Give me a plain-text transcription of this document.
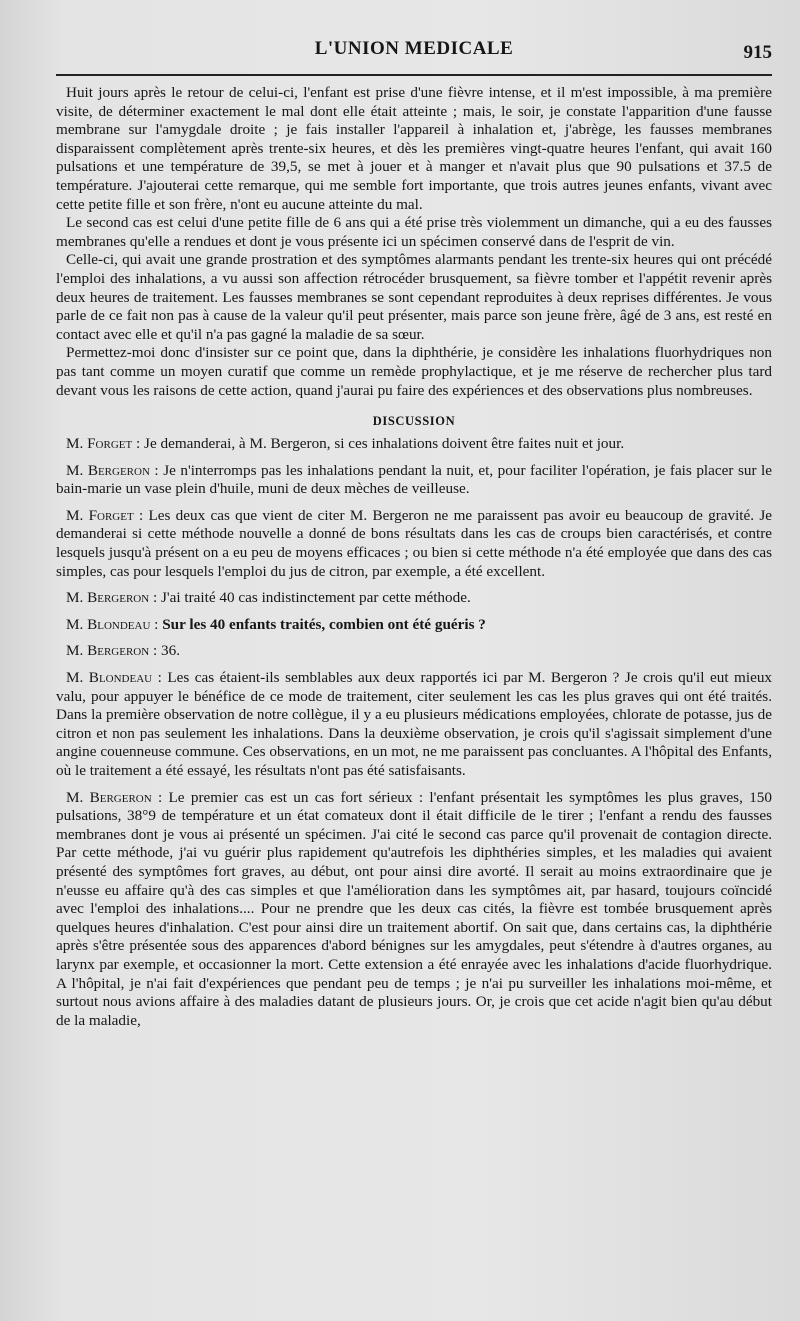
L'UNION MEDICALE	915

Huit jours après le retour de celui-ci, l'enfant est prise d'une fièvre intense, et il m'est impossible, à ma première visite, de déterminer exactement le mal dont elle était atteinte ; mais, le soir, je constate l'apparition d'une fausse membrane sur l'amygdale droite ; je fais installer l'appareil à inhalation et, j'abrège, les fausses membranes disparaissent complètement après trente-six heures, et dès les premières vingt-quatre heures l'enfant, qui avait 160 pulsations et une température de 39,5, se met à jouer et à manger et n'avait plus que 90 pulsations et 37.5 de température. J'ajouterai cette remarque, qui me semble fort importante, que trois autres jeunes enfants, vivant avec cette petite fille et son frère, n'ont eu aucune atteinte du mal.

Le second cas est celui d'une petite fille de 6 ans qui a été prise très violemment un dimanche, qui a eu des fausses membranes qu'elle a rendues et dont je vous présente ici un spécimen conservé dans de l'esprit de vin.

Celle-ci, qui avait une grande prostration et des symptômes alarmants pendant les trente-six heures qui ont précédé l'emploi des inhalations, a vu aussi son affection rétrocéder brusquement, sa fièvre tomber et l'appétit revenir après deux heures de traitement. Les fausses membranes se sont cependant reproduites à deux reprises différentes. Je vous parle de ce fait non pas à cause de la valeur qu'il peut présenter, mais parce son jeune frère, âgé de 3 ans, est resté en contact avec elle et qu'il n'a pas gagné la maladie de sa sœur.

Permettez-moi donc d'insister sur ce point que, dans la diphthérie, je considère les inhalations fluorhydriques non pas tant comme un moyen curatif que comme un remède prophylactique, et je me réserve de rechercher plus tard devant vous les raisons de cette action, quand j'aurai pu faire des expériences et des observations plus nombreuses.

DISCUSSION

M. Forget : Je demanderai, à M. Bergeron, si ces inhalations doivent être faites nuit et jour.

M. Bergeron : Je n'interromps pas les inhalations pendant la nuit, et, pour faciliter l'opération, je fais placer sur le bain-marie un vase plein d'huile, muni de deux mèches de veilleuse.

M. Forget : Les deux cas que vient de citer M. Bergeron ne me paraissent pas avoir eu beaucoup de gravité. Je demanderai si cette méthode nouvelle a donné de bons résultats dans les cas de croups bien caractérisés, et contre lesquels jusqu'à présent on a eu peu de moyens efficaces ; ou bien si cette méthode n'a été employée que dans des cas simples, cas pour lesquels l'emploi du jus de citron, par exemple, a été excellent.

M. Bergeron : J'ai traité 40 cas indistinctement par cette méthode.

M. Blondeau : Sur les 40 enfants traités, combien ont été guéris ?

M. Bergeron : 36.

M. Blondeau : Les cas étaient-ils semblables aux deux rapportés ici par M. Bergeron ? Je crois qu'il eut mieux valu, pour appuyer le bénéfice de ce mode de traitement, citer seulement les cas les plus graves qui ont été traités. Dans la première observation de notre collègue, il y a eu plusieurs médications employées, chlorate de potasse, jus de citron et non pas seulement les inhalations. Dans la deuxième observation, je crois qu'il s'agissait simplement d'une angine couenneuse commune. Ces observations, en un mot, ne me paraissent pas concluantes. A l'hôpital des Enfants, où le traitement a été essayé, les résultats n'ont pas été satisfaisants.

M. Bergeron : Le premier cas est un cas fort sérieux : l'enfant présentait les symptômes les plus graves, 150 pulsations, 38°9 de température et un état comateux dont il était difficile de le tirer ; l'enfant a rendu des fausses membranes dont je vous ai présenté un spécimen. J'ai cité le second cas parce qu'il provenait de contagion directe. Par cette méthode, j'ai vu guérir plus rapidement qu'autrefois les diphthéries simples, et les maladies qui avaient présenté des symptômes fort graves, au début, ont pour ainsi dire avorté. Il serait au moins extraordinaire que je n'eusse eu affaire qu'à des cas simples et que l'amélioration dans les symptômes ait, par hasard, toujours coïncidé avec l'emploi des inhalations.... Pour ne prendre que les deux cas cités, la fièvre est tombée brusquement après quelques heures d'inhalation. C'est pour ainsi dire un traitement abortif. On sait que, dans certains cas, la diphthérie après s'être présentée sous des apparences d'abord bénignes sur les amygdales, peut s'étendre à d'autres organes, au larynx par exemple, et occasionner la mort. Cette extension a été enrayée avec les inhalations d'acide fluorhydrique. A l'hôpital, je n'ai fait d'expériences que pendant peu de temps ; je n'ai pu surveiller les inhalations moi-même, et surtout nous avions affaire à des maladies datant de plusieurs jours. Or, je crois que cet acide n'agit bien qu'au début de la maladie,
